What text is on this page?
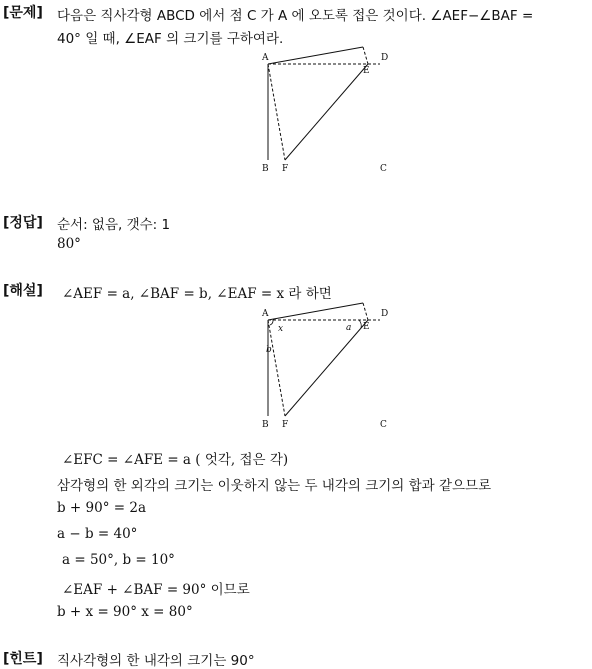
[문제] 다음은 직사각형 ABCD 에서 점 C 가 A 에 오도록 접은 것이다. ∠AEF−∠BAF =
40° 일 때, ∠EAF 의 크기를 구하여라.
A	D
E
B F	C
[정답] 순서: 없음, 갯수: 1
80°
[해설] ∠AEF = a, ∠BAF = b, ∠EAF = x 라 하면
x	a
b
A	D
E
B F	C
∠EFC = ∠AFE = a ( 엇각, 접은 각)
삼각형의 한 외각의 크기는 이웃하지 않는 두 내각의 크기의 합과 같으므로
b + 90° = 2a
a − b = 40°
a = 50°, b = 10°
∠EAF + ∠BAF = 90° 이므로
b + x = 90° x = 80°
[힌트] 직사각형의 한 내각의 크기는 90°
